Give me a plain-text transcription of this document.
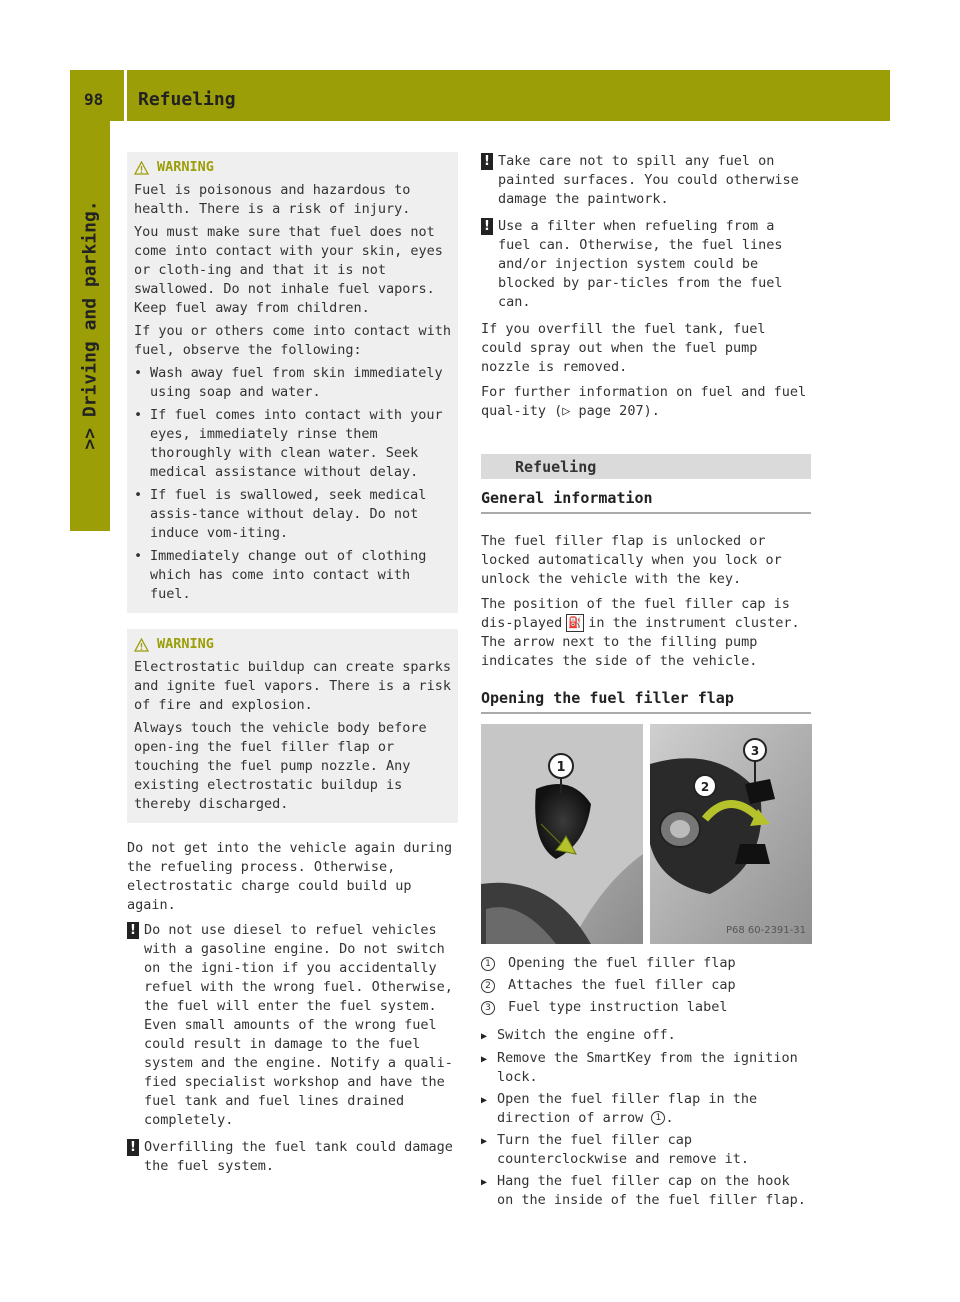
98 Refueling
>> Driving and parking.
WARNING

Fuel is poisonous and hazardous to health. There is a risk of injury.

You must make sure that fuel does not come into contact with your skin, eyes or cloth-ing and that it is not swallowed. Do not inhale fuel vapors. Keep fuel away from children.

If you or others come into contact with fuel, observe the following:

• Wash away fuel from skin immediately using soap and water.
• If fuel comes into contact with your eyes, immediately rinse them thoroughly with clean water. Seek medical assistance without delay.
• If fuel is swallowed, seek medical assis-tance without delay. Do not induce vom-iting.
• Immediately change out of clothing which has come into contact with fuel.
WARNING

Electrostatic buildup can create sparks and ignite fuel vapors. There is a risk of fire and explosion.

Always touch the vehicle body before open-ing the fuel filler flap or touching the fuel pump nozzle. Any existing electrostatic buildup is thereby discharged.

Do not get into the vehicle again during the refueling process. Otherwise, electrostatic charge could build up again.

! Do not use diesel to refuel vehicles with a gasoline engine. Do not switch on the igni-tion if you accidentally refuel with the wrong fuel. Otherwise, the fuel will enter the fuel system. Even small amounts of the wrong fuel could result in damage to the fuel system and the engine. Notify a quali-fied specialist workshop and have the fuel tank and fuel lines drained completely.
! Overfilling the fuel tank could damage the fuel system.
! Take care not to spill any fuel on painted surfaces. You could otherwise damage the paintwork.
! Use a filter when refueling from a fuel can. Otherwise, the fuel lines and/or injection system could be blocked by par-ticles from the fuel can.

If you overfill the fuel tank, fuel could spray out when the fuel pump nozzle is removed.

For further information on fuel and fuel qual-ity (▷ page 207).

Refueling
General information

The fuel filler flap is unlocked or locked automatically when you lock or unlock the vehicle with the key.

The position of the fuel filler cap is dis-played ⛽ in the instrument cluster. The arrow next to the filling pump indicates the side of the vehicle.

Opening the fuel filler flap
1
2
3
P68 60-2391-31
1	Opening the fuel filler flap
2	Attaches the fuel filler cap
3	Fuel type instruction label
▶ Switch the engine off.
▶ Remove the SmartKey from the ignition lock.
▶ Open the fuel filler flap in the direction of arrow 1 .
▶ Turn the fuel filler cap counterclockwise and remove it.
▶ Hang the fuel filler cap on the hook on the inside of the fuel filler flap.
